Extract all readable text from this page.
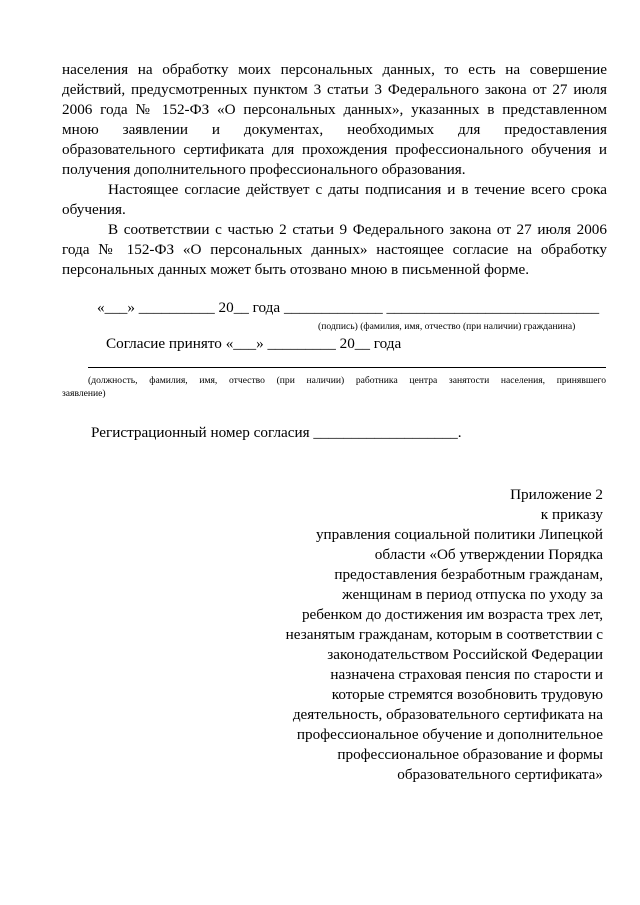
населения на обработку моих персональных данных, то есть на совершение
действий, предусмотренных пунктом 3 статьи 3 Федерального закона от 27 июля
2006 года № 152-ФЗ «О персональных данных», указанных в представленном
мною заявлении и документах, необходимых для предоставления
образовательного сертификата для прохождения профессионального обучения и
получения дополнительного профессионального образования.
Настоящее согласие действует с даты подписания и в течение всего срока
обучения.
В соответствии с частью 2 статьи 9 Федерального закона от 27 июля 2006
года № 152-ФЗ «О персональных данных» настоящее согласие на обработку
персональных данных может быть отозвано мною в письменной форме.
«___» __________ 20__ года _____________ ____________________________
(подпись) (фамилия, имя, отчество (при наличии) гражданина)
Согласие принято «___» _________ 20__ года
(должность, фамилия, имя, отчество (при наличии) работника центра занятости населения, принявшего
заявление)
Регистрационный номер согласия ___________________.
Приложение 2
к приказу
управления социальной политики Липецкой
области «Об утверждении Порядка
предоставления безработным гражданам,
женщинам в период отпуска по уходу за
ребенком до достижения им возраста трех лет,
незанятым гражданам, которым в соответствии с
законодательством Российской Федерации
назначена страховая пенсия по старости и
которые стремятся возобновить трудовую
деятельность, образовательного сертификата на
профессиональное обучение и дополнительное
профессиональное образование и формы
образовательного сертификата»
